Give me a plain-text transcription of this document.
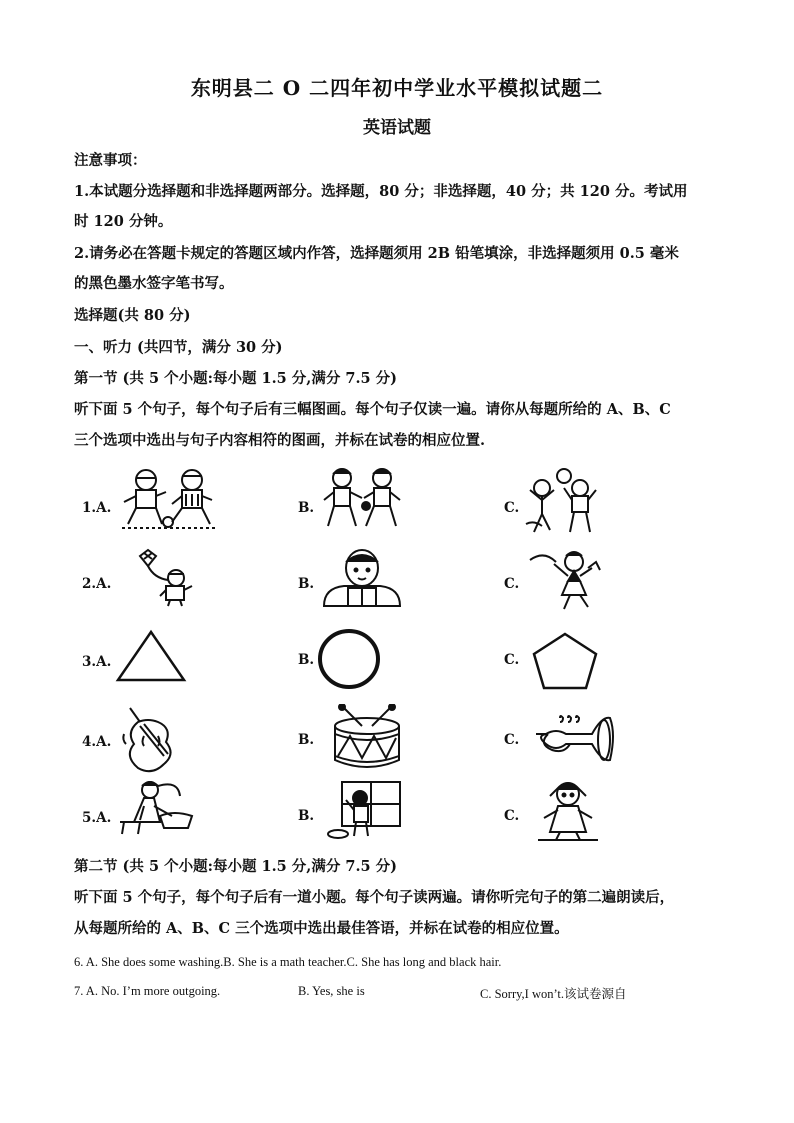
东明县二 O 二四年初中学业水平模拟试题二
英语试题
注意事项：
1.本试题分选择题和非选择题两部分。选择题，80 分；非选择题，40 分；共 120 分。考试用
时 120 分钟。
2.请务必在答题卡规定的答题区域内作答，选择题须用 2B 铅笔填涂，非选择题须用 0.5 毫米
的黑色墨水签字笔书写。
选择题(共 80 分)
一、听力 (共四节，满分 30 分)
第一节 (共 5 个小题:每小题 1.5 分,满分 7.5 分)
听下面 5 个句子，每个句子后有三幅图画。每个句子仅读一遍。请你从每题所给的 A、B、C
三个选项中选出与句子内容相符的图画，并标在试卷的相应位置.
1.A.	B.	C.
2.A.	B.	C.
3.A.	B.	C.
4.A.	B.	C.
5.A.	B.	C.
第二节 (共 5 个小题:每小题 1.5 分,满分 7.5 分)
听下面 5 个句子，每个句子后有一道小题。每个句子读两遍。请你听完句子的第二遍朗读后，
从每题所给的 A、B、C 三个选项中选出最佳答语，并标在试卷的相应位置。
6. A. She does some washing.B. She is a math teacher.C. She has long and black hair.
7. A. No. I’m more outgoing.	B. Yes, she is	C. Sorry,I won’t.该试卷源自
